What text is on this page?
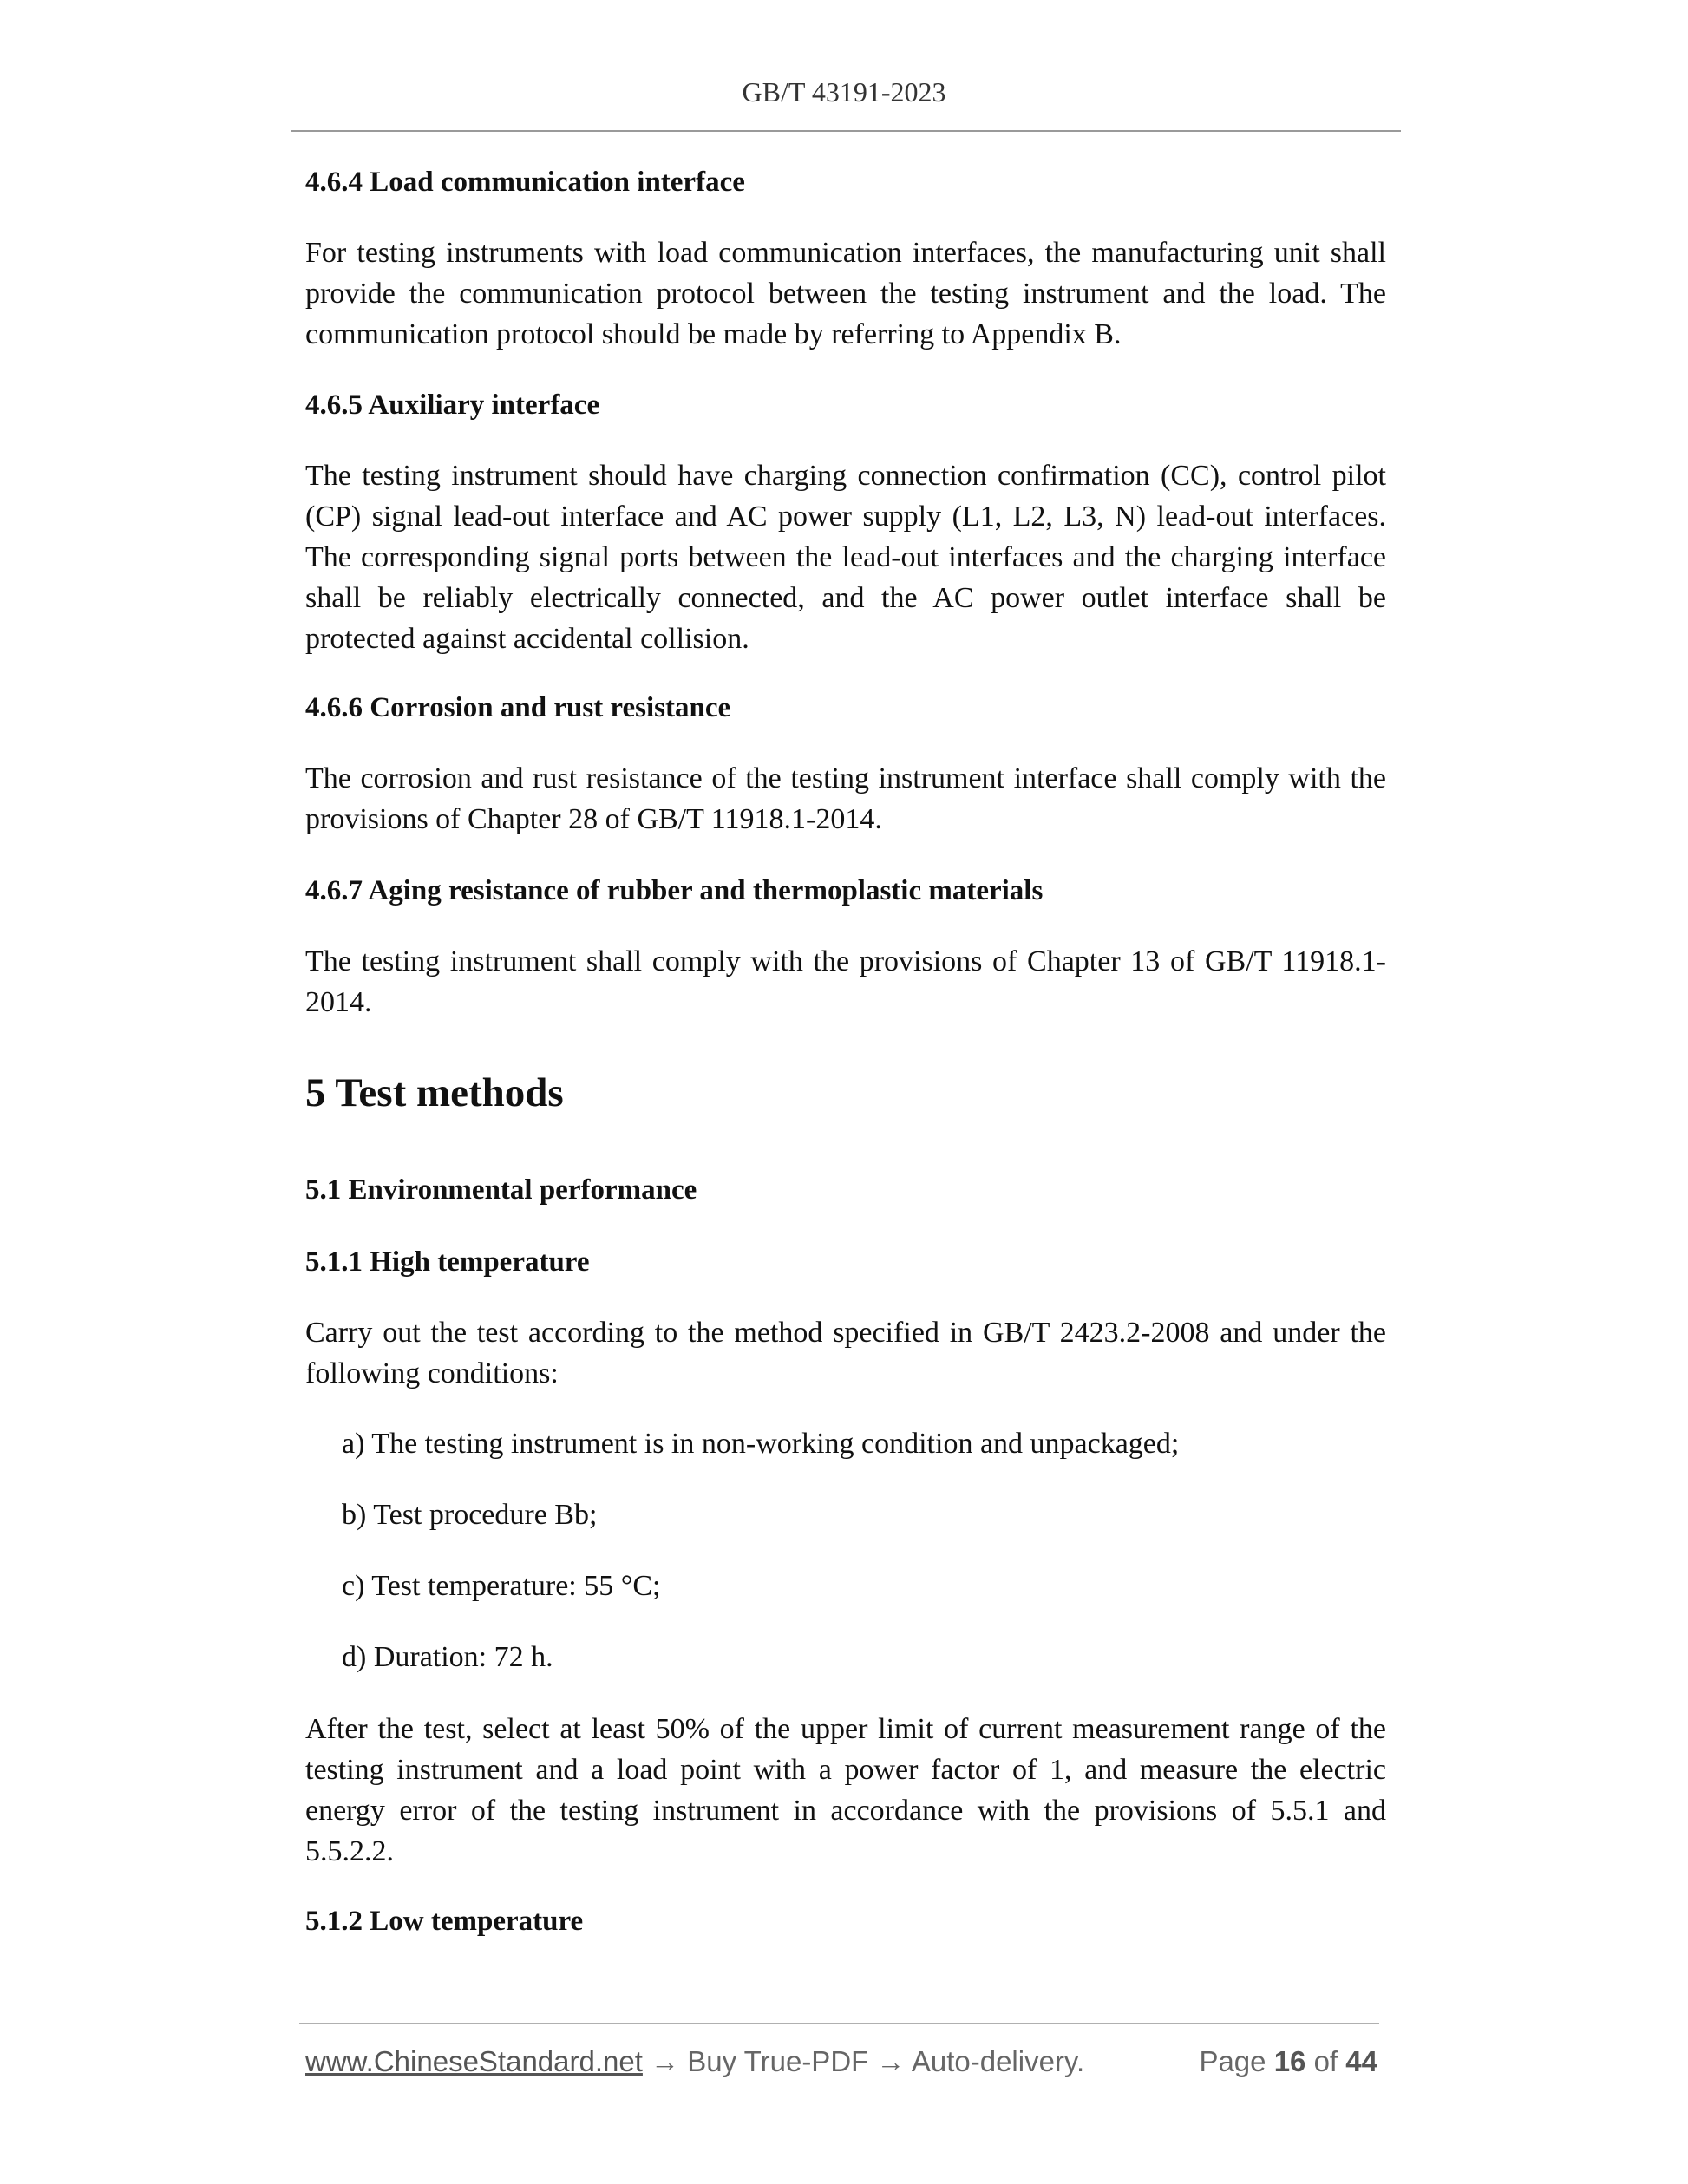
GB/T 43191-2023

4.6.4 Load communication interface

For testing instruments with load communication interfaces, the manufacturing unit shall provide the communication protocol between the testing instrument and the load. The communication protocol should be made by referring to Appendix B.

4.6.5 Auxiliary interface

The testing instrument should have charging connection confirmation (CC), control pilot (CP) signal lead-out interface and AC power supply (L1, L2, L3, N) lead-out interfaces. The corresponding signal ports between the lead-out interfaces and the charging interface shall be reliably electrically connected, and the AC power outlet interface shall be protected against accidental collision.

4.6.6 Corrosion and rust resistance

The corrosion and rust resistance of the testing instrument interface shall comply with the provisions of Chapter 28 of GB/T 11918.1-2014.

4.6.7 Aging resistance of rubber and thermoplastic materials

The testing instrument shall comply with the provisions of Chapter 13 of GB/T 11918.1-2014.

5 Test methods

5.1 Environmental performance

5.1.1 High temperature

Carry out the test according to the method specified in GB/T 2423.2-2008 and under the following conditions:

a) The testing instrument is in non-working condition and unpackaged;

b) Test procedure Bb;

c) Test temperature: 55 °C;

d) Duration: 72 h.

After the test, select at least 50% of the upper limit of current measurement range of the testing instrument and a load point with a power factor of 1, and measure the electric energy error of the testing instrument in accordance with the provisions of 5.5.1 and 5.5.2.2.

5.1.2 Low temperature

www.ChineseStandard.net → Buy True-PDF → Auto-delivery.	Page 16 of 44
